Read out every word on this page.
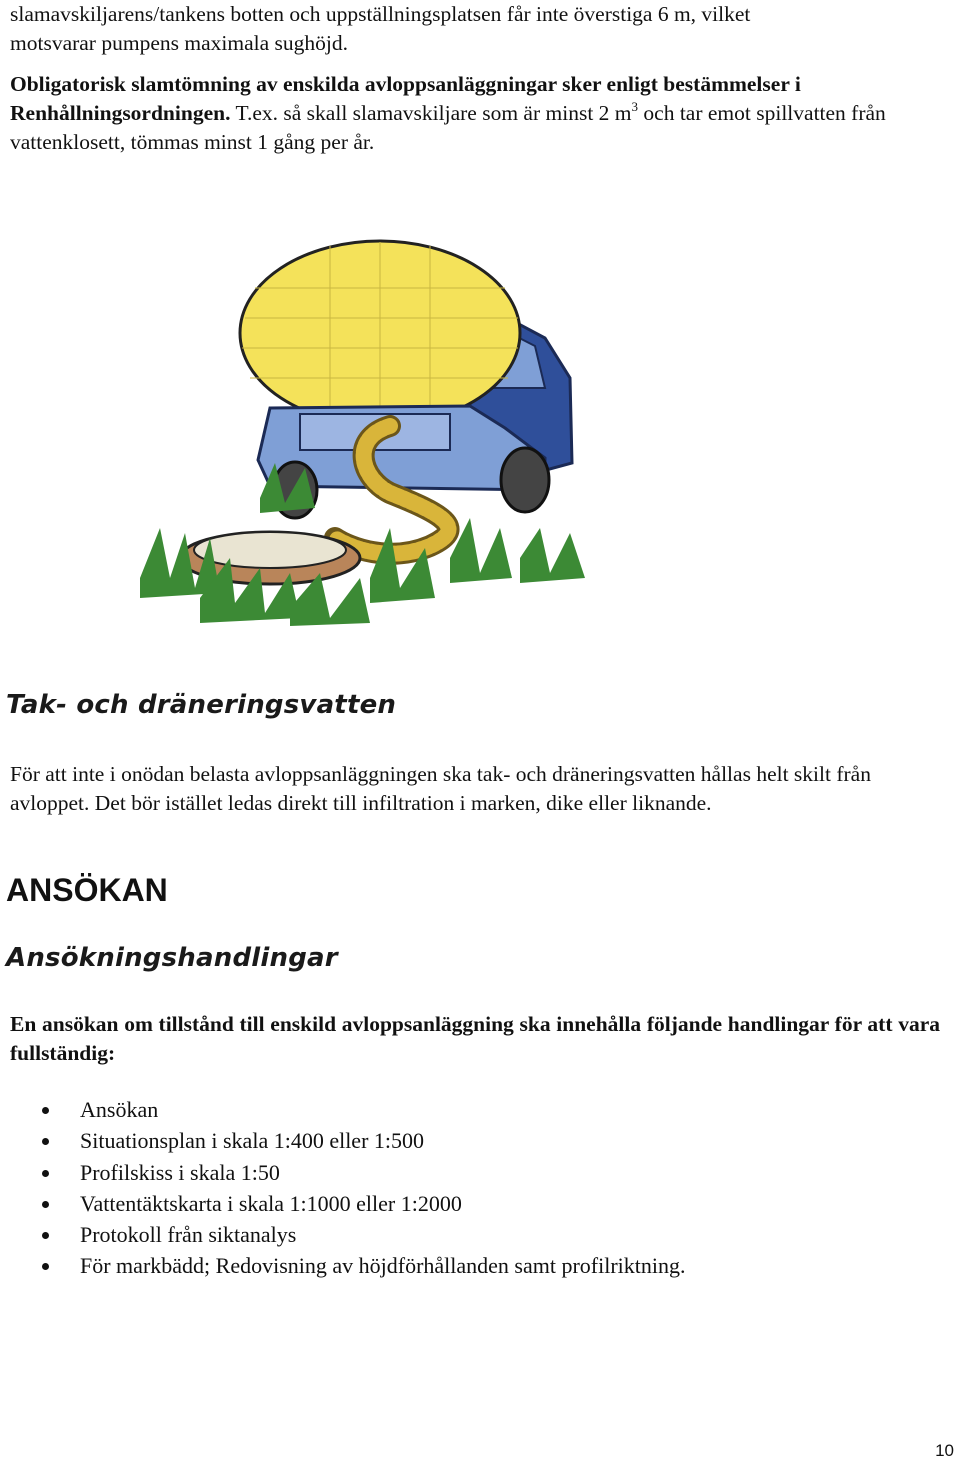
slamavskiljarens/tankens botten och uppställningsplatsen får inte överstiga 6 m, vilket
motsvarar pumpens maximala sughöjd.

Obligatorisk slamtömning av enskilda avloppsanläggningar sker enligt bestämmelser i Renhållningsordningen. T.ex. så skall slamavskiljare som är minst 2 $m^3$ och tar emot spillvatten från vattenklosett, tömmas minst 1 gång per år.

Tak- och dräneringsvatten

För att inte i onödan belasta avloppsanläggningen ska tak- och dräneringsvatten hållas helt skilt från avloppet. Det bör istället ledas direkt till infiltration i marken, dike eller liknande.

ANSÖKAN
Ansökningshandlingar

En ansökan om tillstånd till enskild avloppsanläggning ska innehålla följande handlingar för att vara fullständig:

Ansökan
Situationsplan i skala 1:400 eller 1:500
Profilskiss i skala 1:50
Vattentäktskarta i skala 1:1000 eller 1:2000
Protokoll från siktanalys
För markbädd; Redovisning av höjdförhållanden samt profilriktning.
10
